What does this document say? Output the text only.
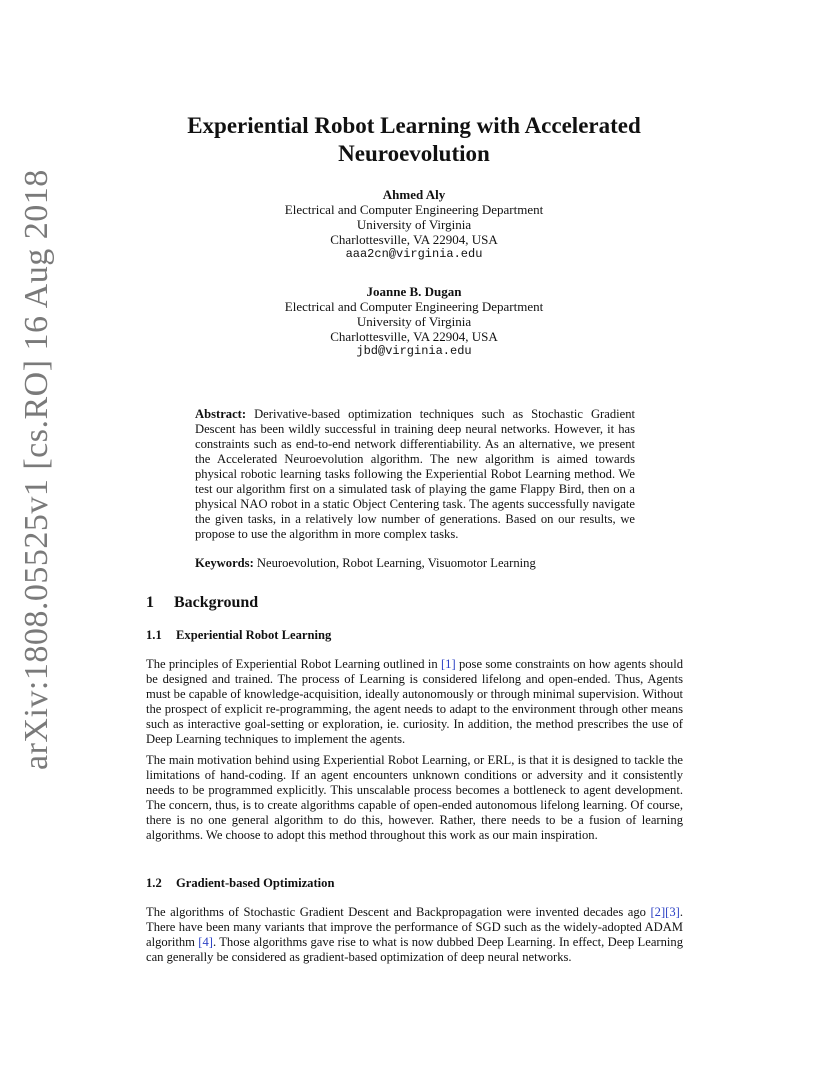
arXiv:1808.05525v1 [cs.RO] 16 Aug 2018
Experiential Robot Learning with Accelerated
Neuroevolution
Ahmed Aly
Electrical and Computer Engineering Department
University of Virginia
Charlottesville, VA 22904, USA
aaa2cn@virginia.edu
Joanne B. Dugan
Electrical and Computer Engineering Department
University of Virginia
Charlottesville, VA 22904, USA
jbd@virginia.edu
Abstract: Derivative-based optimization techniques such as Stochastic Gradient Descent has been wildly successful in training deep neural networks. However, it has constraints such as end-to-end network differentiability. As an alternative, we present the Accelerated Neuroevolution algorithm. The new algorithm is aimed towards physical robotic learning tasks following the Experiential Robot Learning method. We test our algorithm first on a simulated task of playing the game Flappy Bird, then on a physical NAO robot in a static Object Centering task. The agents successfully navigate the given tasks, in a relatively low number of generations. Based on our results, we propose to use the algorithm in more complex tasks.
Keywords: Neuroevolution, Robot Learning, Visuomotor Learning
1 Background
1.1 Experiential Robot Learning
The principles of Experiential Robot Learning outlined in [1] pose some constraints on how agents should be designed and trained. The process of Learning is considered lifelong and open-ended. Thus, Agents must be capable of knowledge-acquisition, ideally autonomously or through minimal supervision. Without the prospect of explicit re-programming, the agent needs to adapt to the environment through other means such as interactive goal-setting or exploration, ie. curiosity. In addition, the method prescribes the use of Deep Learning techniques to implement the agents.
The main motivation behind using Experiential Robot Learning, or ERL, is that it is designed to tackle the limitations of hand-coding. If an agent encounters unknown conditions or adversity and it consistently needs to be programmed explicitly. This unscalable process becomes a bottleneck to agent development. The concern, thus, is to create algorithms capable of open-ended autonomous lifelong learning. Of course, there is no one general algorithm to do this, however. Rather, there needs to be a fusion of learning algorithms. We choose to adopt this method throughout this work as our main inspiration.
1.2 Gradient-based Optimization
The algorithms of Stochastic Gradient Descent and Backpropagation were invented decades ago [2][3]. There have been many variants that improve the performance of SGD such as the widely-adopted ADAM algorithm [4]. Those algorithms gave rise to what is now dubbed Deep Learning. In effect, Deep Learning can generally be considered as gradient-based optimization of deep neural networks.
